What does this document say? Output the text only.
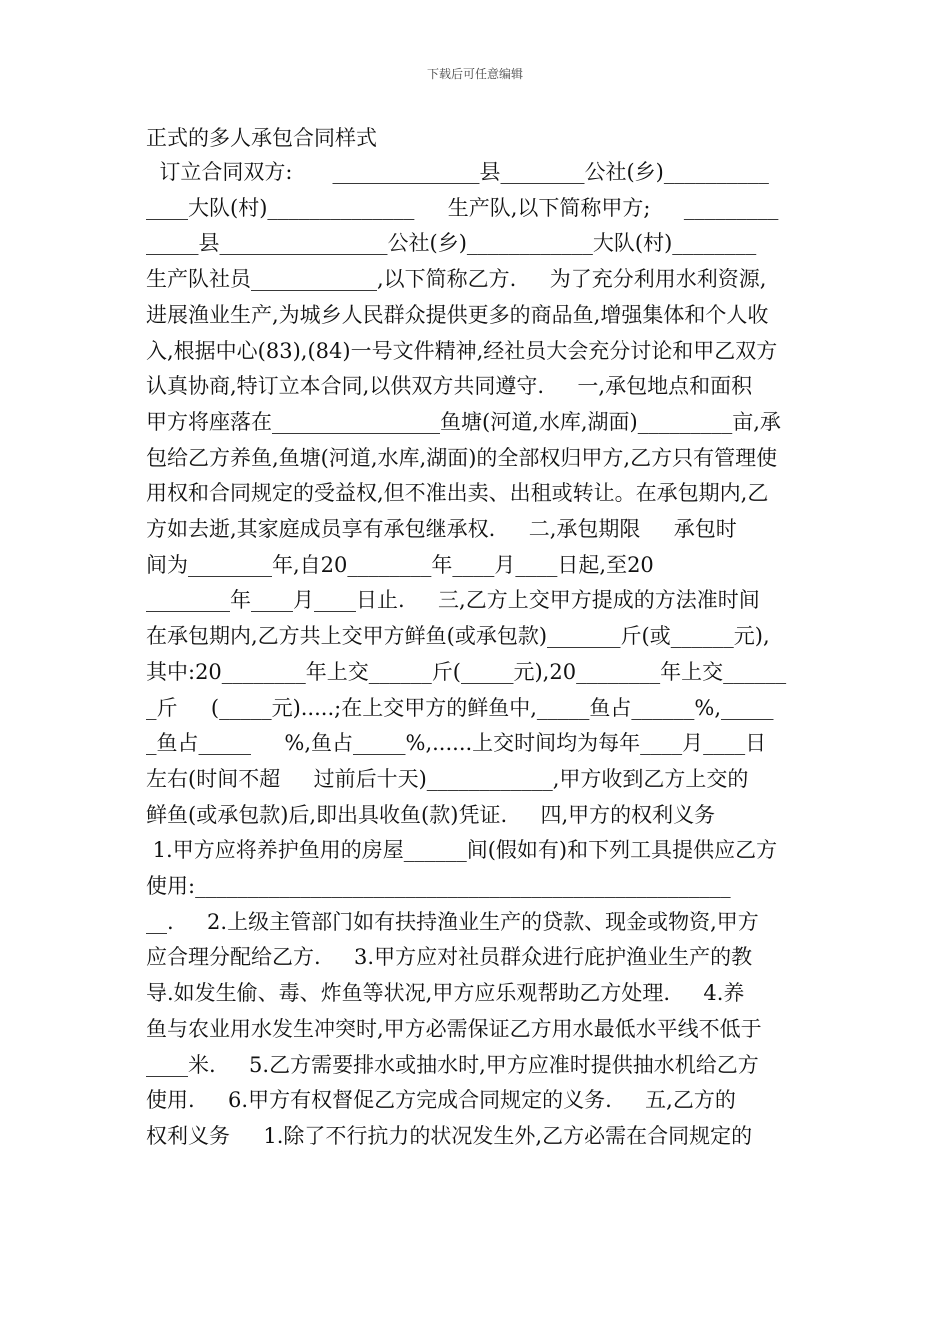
下载后可任意编辑
正式的多人承包合同样式
订立合同双方:      ______________县________公社(乡)__________
____大队(村)______________     生产队,以下简称甲方;     _________
_____县________________公社(乡)____________大队(村)________
生产队社员____________,以下简称乙方.     为了充分利用水利资源,
进展渔业生产,为城乡人民群众提供更多的商品鱼,增强集体和个人收
入,根据中心(83),(84)一号文件精神,经社员大会充分讨论和甲乙双方
认真协商,特订立本合同,以供双方共同遵守.     一,承包地点和面积
甲方将座落在________________鱼塘(河道,水库,湖面)_________亩,承
包给乙方养鱼,鱼塘(河道,水库,湖面)的全部权归甲方,乙方只有管理使
用权和合同规定的受益权,但不准出卖、出租或转让。在承包期内,乙
方如去逝,其家庭成员享有承包继承权.     二,承包期限     承包时
间为________年,自20________年____月____日起,至20
________年____月____日止.     三,乙方上交甲方提成的方法准时间
在承包期内,乙方共上交甲方鲜鱼(或承包款)_______斤(或______元),
其中:20________年上交______斤(_____元),20________年上交______
_斤     (_____元).....;在上交甲方的鲜鱼中,_____鱼占______%,_____
_鱼占_____     %,鱼占_____%,......上交时间均为每年____月____日
左右(时间不超     过前后十天)____________,甲方收到乙方上交的
鲜鱼(或承包款)后,即出具收鱼(款)凭证.     四,甲方的权利义务
1.甲方应将养护鱼用的房屋______间(假如有)和下列工具提供应乙方
使用:___________________________________________________
__.     2.上级主管部门如有扶持渔业生产的贷款、现金或物资,甲方
应合理分配给乙方.     3.甲方应对社员群众进行庇护渔业生产的教
导.如发生偷、毒、炸鱼等状况,甲方应乐观帮助乙方处理.     4.养
鱼与农业用水发生冲突时,甲方必需保证乙方用水最低水平线不低于
____米.     5.乙方需要排水或抽水时,甲方应准时提供抽水机给乙方
使用.     6.甲方有权督促乙方完成合同规定的义务.     五,乙方的
权利义务     1.除了不行抗力的状况发生外,乙方必需在合同规定的
